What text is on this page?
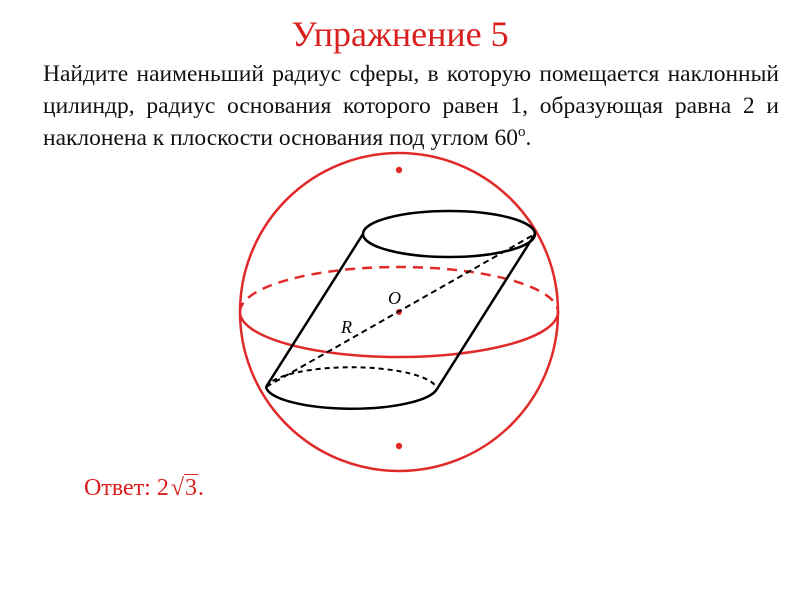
Упражнение 5
Найдите наименьший радиус сферы, в которую помещается наклонный цилиндр, радиус основания которого равен 1, образующая равна 2 и наклонена к плоскости основания под углом 60$^o$.
O
R
Ответ: 2√3.
